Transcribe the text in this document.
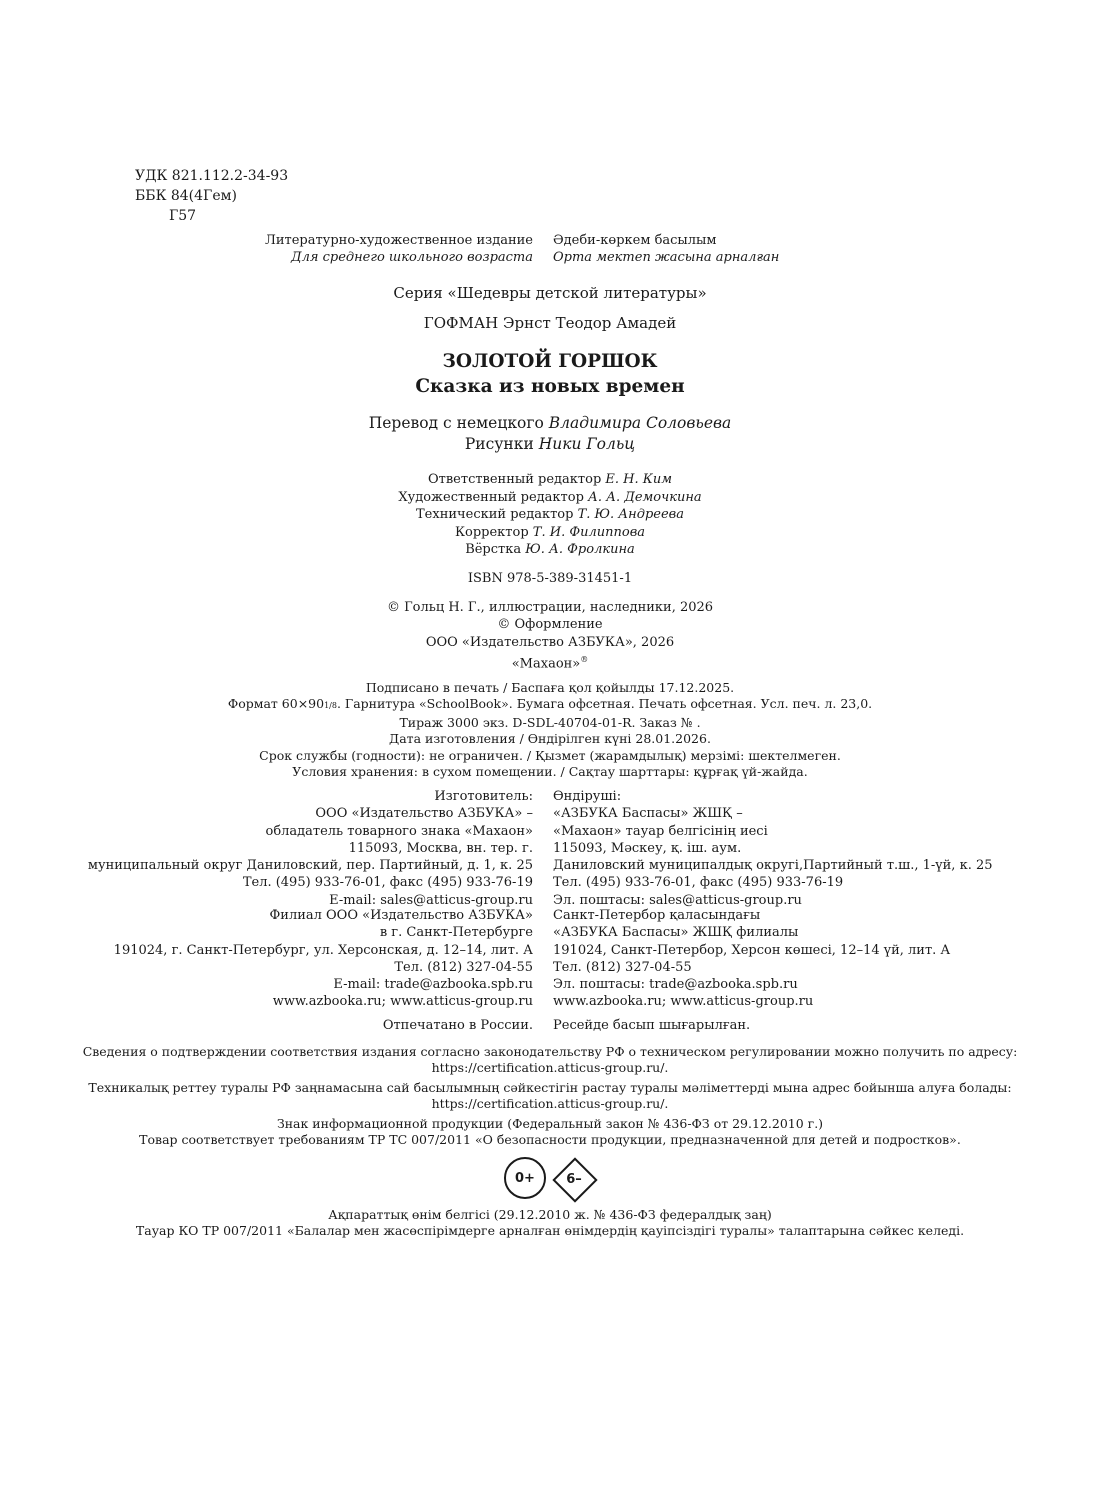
УДК 821.112.2-34-93
ББК 84(4Гем)
Г57
Литературно-художественное издание	Әдеби-көркем басылым
Для среднего школьного возраста	Орта мектеп жасына арналған
Серия «Шедевры детской литературы»
ГОФМАН Эрнст Теодор Амадей
ЗОЛОТОЙ ГОРШОК
Сказка из новых времен
Перевод с немецкого Владимира Соловьева
Рисунки Ники Гольц
Ответственный редактор Е. Н. Ким
Художественный редактор А. А. Демочкина
Технический редактор Т. Ю. Андреева
Корректор Т. И. Филиппова
Вёрстка Ю. А. Фролкина
ISBN 978-5-389-31451-1
© Гольц Н. Г., иллюстрации, наследники, 2026
© Оформление
ООО «Издательство АЗБУКА», 2026
«Махаон»®
Подписано в печать / Баспаға қол қойылды 17.12.2025.
Формат 60×901/8. Гарнитура «SchoolBook». Бумага офсетная. Печать офсетная. Усл. печ. л. 23,0.
Тираж 3000 экз. D-SDL-40704-01-R. Заказ № .
Дата изготовления / Өндірілген күні 28.01.2026.
Срок службы (годности): не ограничен. / Қызмет (жарамдылық) мерзімі: шектелмеген.
Условия хранения: в сухом помещении. / Сақтау шарттары: құрғақ үй-жайда.
Изготовитель:	Өндіруші:
ООО «Издательство АЗБУКА» –	«АЗБУКА Баспасы» ЖШҚ –
обладатель товарного знака «Махаон»	«Махаон» тауар белгісінің иесі
115093, Москва, вн. тер. г.	115093, Мәскеу, қ. іш. аум.
муниципальный округ Даниловский, пер. Партийный, д. 1, к. 25	Даниловский муниципалдық округі,Партийный т.ш., 1-үй, к. 25
Тел. (495) 933-76-01, факс (495) 933-76-19	Тел. (495) 933-76-01, факс (495) 933-76-19
E-mail: sales@atticus-group.ru	Эл. поштасы: sales@atticus-group.ru
Филиал ООО «Издательство АЗБУКА»	Санкт-Петербор қаласындағы
в г. Санкт-Петербурге	«АЗБУКА Баспасы» ЖШҚ филиалы
191024, г. Санкт-Петербург, ул. Херсонская, д. 12–14, лит. А	191024, Санкт-Петербор, Херсон көшесі, 12–14 үй, лит. А
Тел. (812) 327-04-55	Тел. (812) 327-04-55
E-mail: trade@azbooka.spb.ru	Эл. поштасы: trade@azbooka.spb.ru
www.azbooka.ru; www.atticus-group.ru	www.azbooka.ru; www.atticus-group.ru
Отпечатано в России.	Ресейде басып шығарылған.
Сведения о подтверждении соответствия издания согласно законодательству РФ о техническом регулировании можно получить по адресу:
https://certification.atticus-group.ru/.
Техникалық реттеу туралы РФ заңнамасына сай басылымның сәйкестігін растау туралы мәліметтерді мына адрес бойынша алуға болады:
https://certification.atticus-group.ru/.
Знак информационной продукции (Федеральный закон № 436-ФЗ от 29.12.2010 г.)
Товар соответствует требованиям ТР ТС 007/2011 «О безопасности продукции, предназначенной для детей и подростков».
0+	6–
Ақпараттық өнім белгісі (29.12.2010 ж. № 436-ФЗ федералдық заң)
Тауар КО ТР 007/2011 «Балалар мен жасөспірімдерге арналған өнімдердің қауіпсіздігі туралы» талаптарына сәйкес келеді.
